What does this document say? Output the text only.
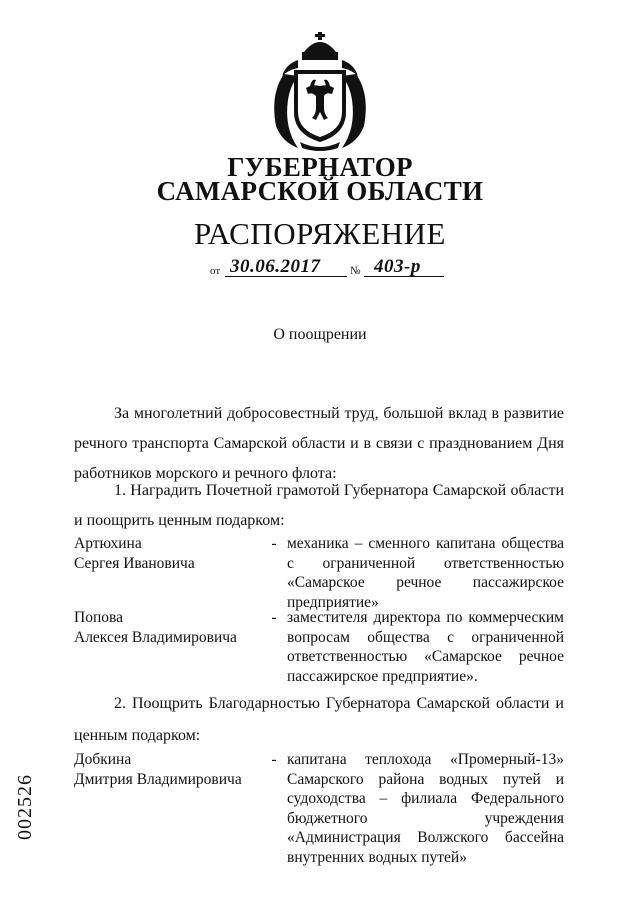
ГУБЕРНАТОР
САМАРСКОЙ ОБЛАСТИ
РАСПОРЯЖЕНИЕ
от 30.06.2017	№ 403-р
О поощрении
За многолетний добросовестный труд, большой вклад в развитие речного транспорта Самарской области и в связи с празднованием Дня работников морского и речного флота:
1. Наградить Почетной грамотой Губернатора Самарской области и поощрить ценным подарком:
Артюхина
Сергея Ивановича
- механика – сменного капитана общества с ограниченной ответственностью «Самарское речное пассажирское предприятие»
Попова
Алексея Владимировича
- заместителя директора по коммерческим вопросам общества с ограниченной ответственностью «Самарское речное пассажирское предприятие».
2. Поощрить Благодарностью Губернатора Самарской области и ценным подарком:
Добкина
Дмитрия Владимировича
- капитана теплохода «Промерный-13» Самарского района водных путей и судоходства – филиала Федерального бюджетного учреждения «Администрация Волжского бассейна внутренних водных путей»
002526
